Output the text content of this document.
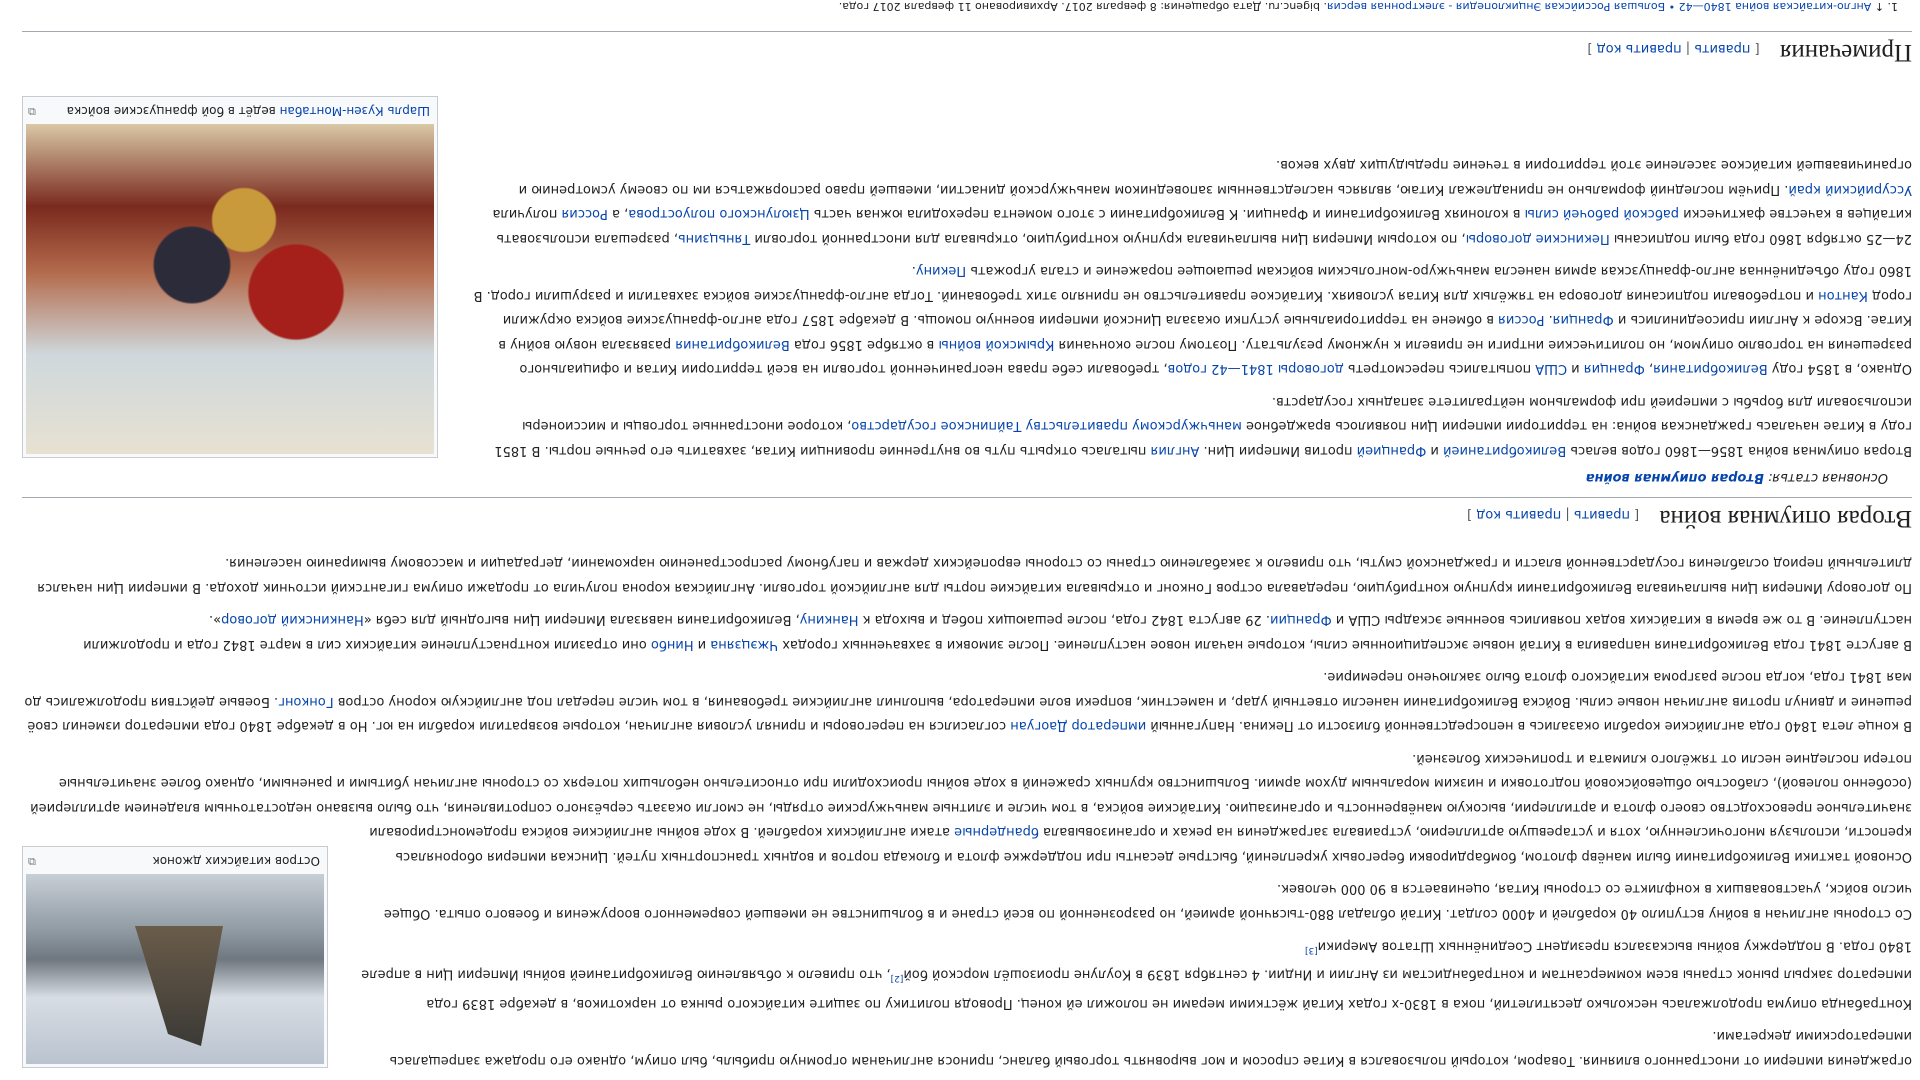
Остров китайских джонок
⧉

ограждения империи от иностранного влияния. Товаром, который пользовался в Китае спросом и мог выровнять торговый баланс, принося англичанам огромную прибыль, был опиум, однако его продажа запрещалась императорскими декретами.

Контрабанда опиума продолжалась несколько десятилетий, пока в 1830-х годах Китай жёсткими мерами не положил ей конец. Проводя политику по защите китайского рынка от наркотиков, в декабре 1839 года император закрыл рынок страны всем коммерсантам и контрабандистам из Англии и Индии. 4 сентября 1839 в Коулуне произошёл морской бой[2], что привело к объявлению Великобританией войны Империи Цин в апреле 1840 года. В поддержку войны высказался президент Соединённых Штатов Америки[3]

Со стороны англичан в войну вступило 40 кораблей и 4000 солдат. Китай обладал 880-тысячной армией, но разрозненной по всей стране и в большинстве не имевшей современного вооружения и боевого опыта. Общее число войск, участвовавших в конфликте со стороны Китая, оценивается в 90 000 человек.

Основой тактики Великобритании были манёвр флотом, бомбардировки береговых укреплений, быстрые десанты при поддержке флота и блокада портов и водных транспортных путей. Цинская империя оборонялась крепости, используя многочисленную, хотя и устаревшую артиллерию, устраивала заграждения на реках и организовывала брандерные атаки английских кораблей. В ходе войны английские войска продемонстрировали значительное превосходство своего флота и артиллерии, высокую манёвренность и организацию. Китайские войска, в том числе и элитные маньчжурские отряды, не смогли оказать серьёзного сопротивления, что было вызвано недостаточным владением артиллерией (особенно полевой), слабостью общевойсковой подготовки и низким моральным духом армии. Большинство крупных сражений в ходе войны происходили при относительно небольших потерях со стороны англичан убитыми и ранеными, однако более значительные потери последние несли от тяжёлого климата и тропических болезней.

В конце лета 1840 года английские корабли оказались в непосредственной близости от Пекина. Напуганный император Даогуан согласился на переговоры и принял условия англичан, которые возвратили корабли на юг. Но в декабре 1840 года император изменил своё решение и двинул против англичан новые силы. Войска Великобритании нанесли ответный удар, и наместник, вопреки воле императора, выполнил английские требования, в том числе передал под английскую корону остров Гонконг. Боевые действия продолжались до мая 1841 года, когда после разгрома китайского флота было заключено перемирие.

В августе 1841 года Великобритания направила в Китай новые экспедиционные силы, которые начали новое наступление. После зимовки в захваченных городах Чжэцзяна и Нинбо они отразили контрнаступление китайских сил в марте 1842 года и продолжили наступление. В то же время в китайских водах появились военные эскадры США и Франции. 29 августа 1842 года, после решающих побед и выхода к Нанкину, Великобритания навязала Империи Цин выгодный для себя «Нанкинский договор».

По договору Империя Цин выплачивала Великобритании крупную контрибуцию, передавала остров Гонконг и открывала китайские порты для английской торговли. Английская корона получила от продажи опиума гигантский источник дохода. В империи Цин начался длительный период ослабления государственной власти и гражданской смуты, что привело к закабалению страны со стороны европейских держав и пагубному распространению наркомании, деградации и массовому вымиранию населения.

Вторая опиумная война [ править | править код ]
Основная статья: Вторая опиумная война
Шарль Кузен-Монтабан ведёт в бой французские войска
⧉

Вторая опиумная война 1856—1860 годов велась Великобританией и Францией против Империи Цин. Англия пыталась открыть путь во внутренние провинции Китая, захватить его речные порты. В 1851 году в Китае началась гражданская война: на территории империи Цин появилось враждебное маньчжурскому правительству Тайпинское государство, которое иностранные торговцы и миссионеры использовали для борьбы с империей при формальном нейтралитете западных государств.

Однако, в 1854 году Великобритания, Франция и США попытались пересмотреть договоры 1841—42 годов, требовали себе права неограниченной торговли на всей территории Китая и официального разрешения на торговлю опиумом, но политические интриги не привели к нужному результату. Поэтому после окончания Крымской войны в октябре 1856 года Великобритания развязала новую войну в Китае. Вскоре к Англии присоединились и Франция. Россия в обмене на территориальные уступки оказала Цинской империи военную помощь. В декабре 1857 года англо-французские войска окружили город Кантон и потребовали подписания договора на тяжёлых для Китая условиях. Китайское правительство не приняло этих требований. Тогда англо-французские войска захватили и разрушили город. В 1860 году объединённая англо-французская армия нанесла маньчжуро-монгольским войскам решающее поражение и стала угрожать Пекину.

24—25 октября 1860 года были подписаны Пекинские договоры, по которым Империя Цин выплачивала крупную контрибуцию, открывала для иностранной торговли Тяньцзинь, разрешала использовать китайцев в качестве фактически рабской рабочей силы в колониях Великобритании и Франции. К Великобритании с этого момента переходила южная часть Цзюлунского полуострова, а Россия получила Уссурийский край. Причём последний формально не принадлежал Китаю, являясь наследственным заповедником маньчжурской династии, имевшей право распоряжаться им по своему усмотрению и ограничивавшей китайское заселение этой территории в течение предыдущих двух веков.

Примечания [ править | править код ]
1. ↑ Англо-китайская война 1840—42 • Большая Российская Энциклопедия - электронная версия. bigenc.ru. Дата обращения: 8 февраля 2017. Архивировано 11 февраля 2017 года.
